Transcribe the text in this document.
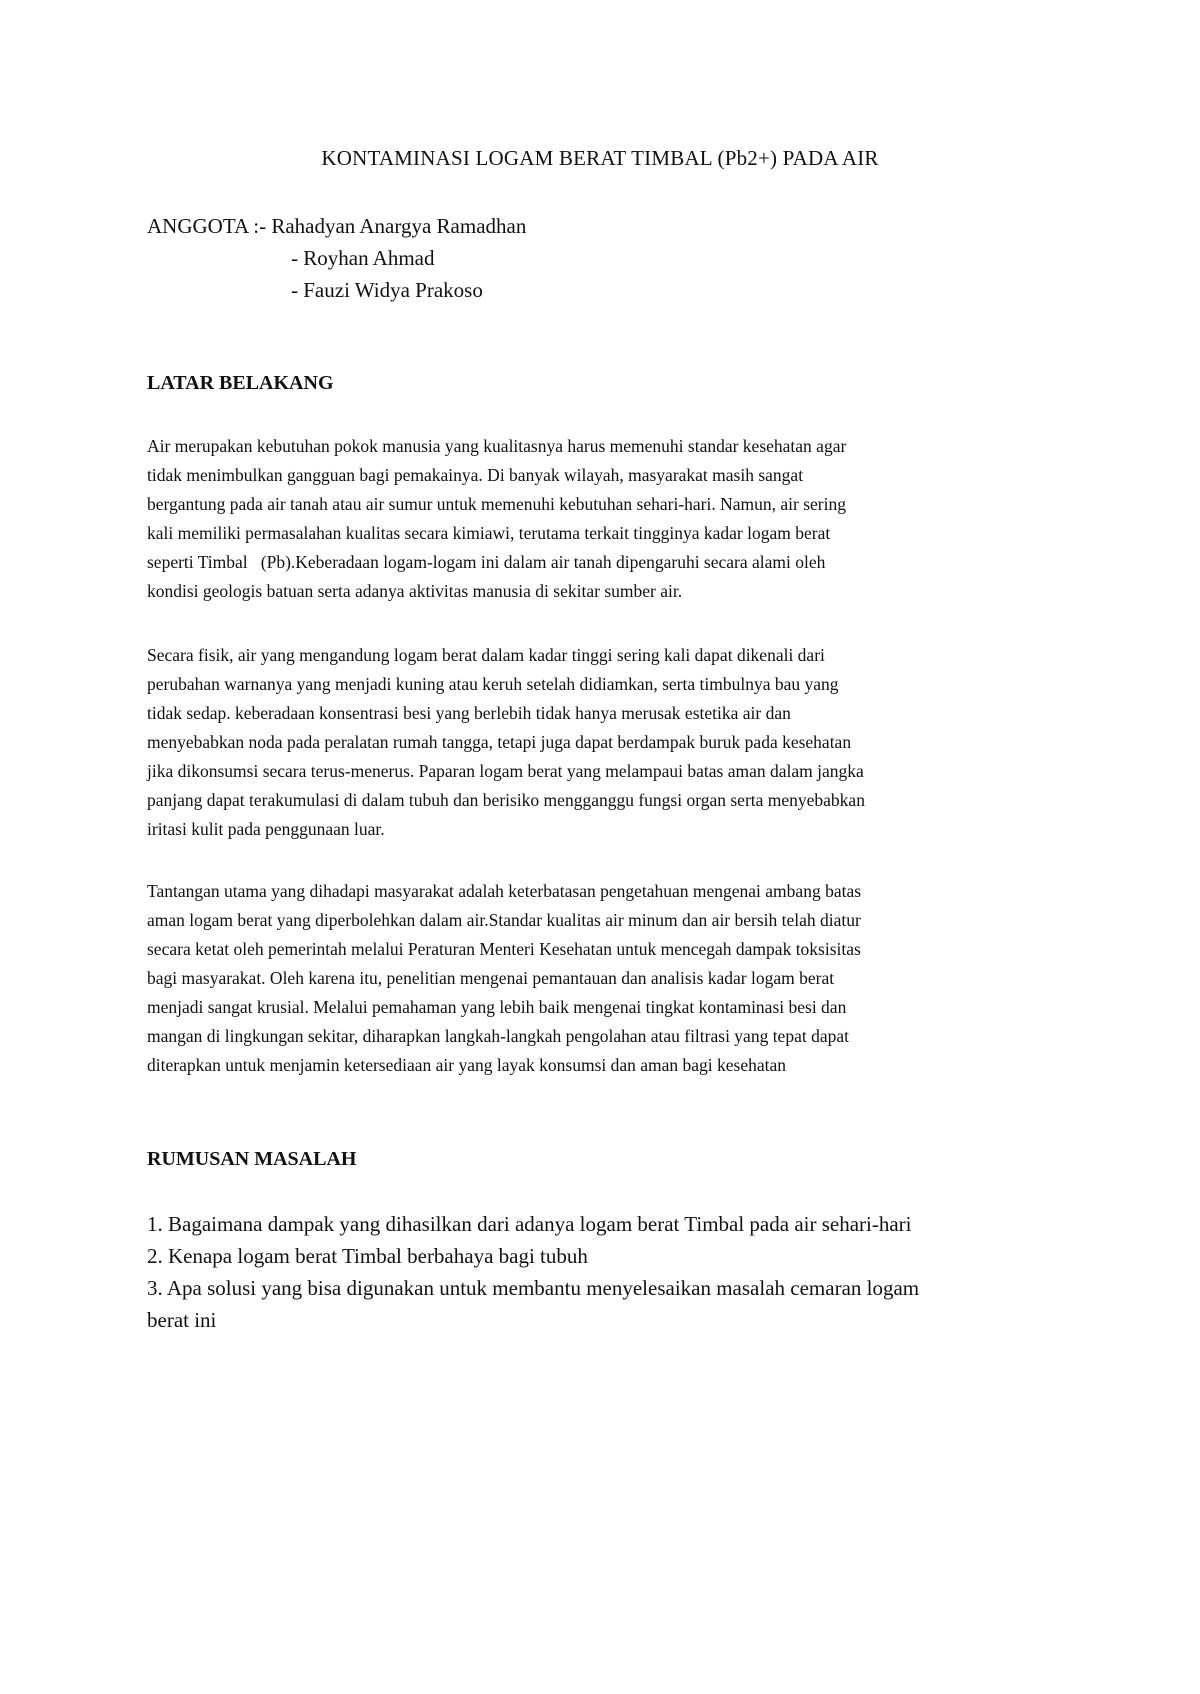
KONTAMINASI LOGAM BERAT TIMBAL (Pb2+) PADA AIR
ANGGOTA :- Rahadyan Anargya Ramadhan
- Royhan Ahmad
- Fauzi Widya Prakoso
LATAR BELAKANG
Air merupakan kebutuhan pokok manusia yang kualitasnya harus memenuhi standar kesehatan agar
tidak menimbulkan gangguan bagi pemakainya. Di banyak wilayah, masyarakat masih sangat
bergantung pada air tanah atau air sumur untuk memenuhi kebutuhan sehari-hari. Namun, air sering
kali memiliki permasalahan kualitas secara kimiawi, terutama terkait tingginya kadar logam berat
seperti Timbal   (Pb).Keberadaan logam-logam ini dalam air tanah dipengaruhi secara alami oleh
kondisi geologis batuan serta adanya aktivitas manusia di sekitar sumber air.
Secara fisik, air yang mengandung logam berat dalam kadar tinggi sering kali dapat dikenali dari
perubahan warnanya yang menjadi kuning atau keruh setelah didiamkan, serta timbulnya bau yang
tidak sedap. keberadaan konsentrasi besi yang berlebih tidak hanya merusak estetika air dan
menyebabkan noda pada peralatan rumah tangga, tetapi juga dapat berdampak buruk pada kesehatan
jika dikonsumsi secara terus-menerus. Paparan logam berat yang melampaui batas aman dalam jangka
panjang dapat terakumulasi di dalam tubuh dan berisiko mengganggu fungsi organ serta menyebabkan
iritasi kulit pada penggunaan luar.
Tantangan utama yang dihadapi masyarakat adalah keterbatasan pengetahuan mengenai ambang batas
aman logam berat yang diperbolehkan dalam air.Standar kualitas air minum dan air bersih telah diatur
secara ketat oleh pemerintah melalui Peraturan Menteri Kesehatan untuk mencegah dampak toksisitas
bagi masyarakat. Oleh karena itu, penelitian mengenai pemantauan dan analisis kadar logam berat
menjadi sangat krusial. Melalui pemahaman yang lebih baik mengenai tingkat kontaminasi besi dan
mangan di lingkungan sekitar, diharapkan langkah-langkah pengolahan atau filtrasi yang tepat dapat
diterapkan untuk menjamin ketersediaan air yang layak konsumsi dan aman bagi kesehatan
RUMUSAN MASALAH
1. Bagaimana dampak yang dihasilkan dari adanya logam berat Timbal pada air sehari-hari
2. Kenapa logam berat Timbal berbahaya bagi tubuh
3. Apa solusi yang bisa digunakan untuk membantu menyelesaikan masalah cemaran logam
berat ini
